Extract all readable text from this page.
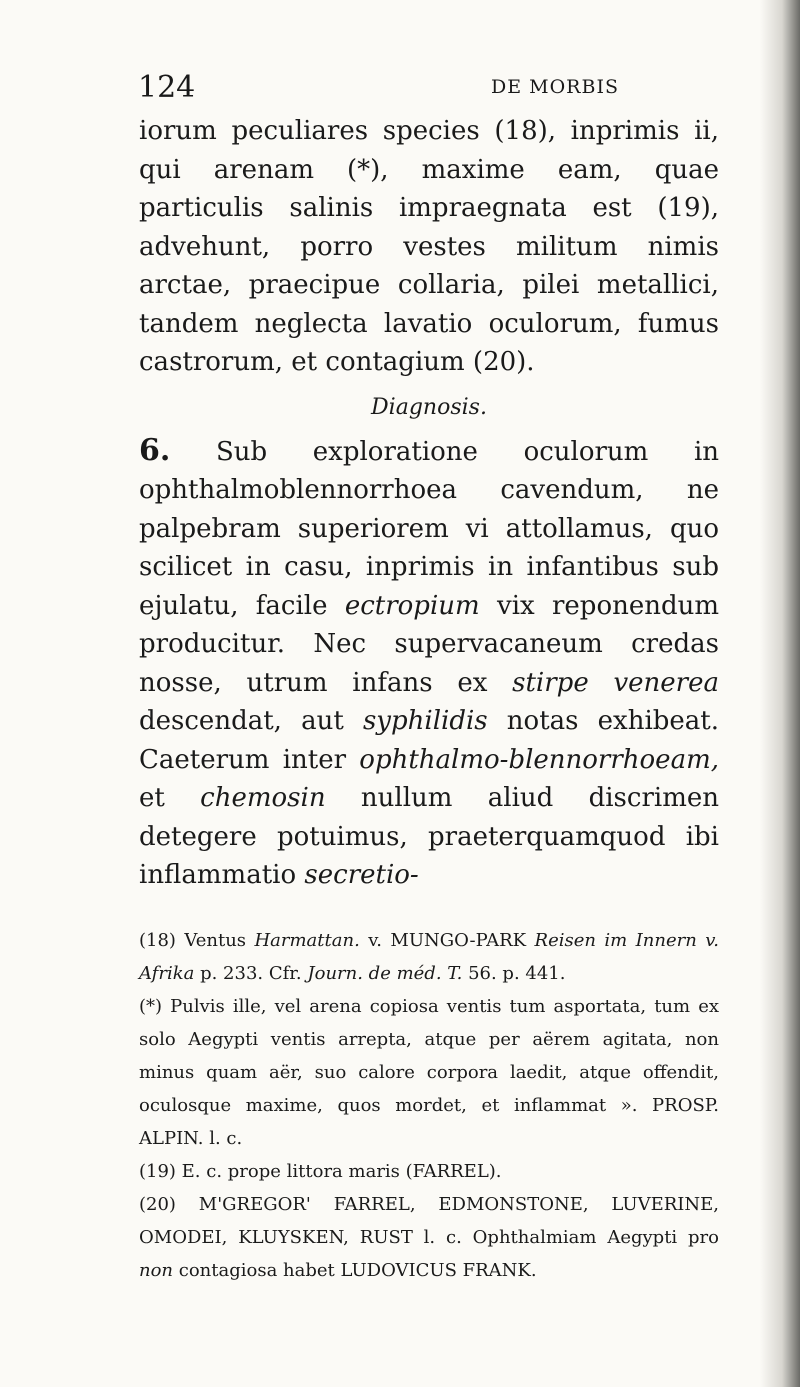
124	DE MORBIS

iorum peculiares species (18), inprimis ii, qui arenam (*), maxime eam, quae particulis salinis impraegnata est (19), advehunt, porro vestes militum nimis arctae, praecipue collaria, pilei metallici, tandem neglecta lavatio oculorum, fumus castrorum, et contagium (20).

Diagnosis.

6. Sub exploratione oculorum in ophthalmoblennorrhoea cavendum, ne palpebram superiorem vi attollamus, quo scilicet in casu, inprimis in infantibus sub ejulatu, facile ectropium vix reponendum producitur. Nec supervacaneum credas nosse, utrum infans ex stirpe venerea descendat, aut syphilidis notas exhibeat. Caeterum inter ophthalmo-blennorrhoeam, et chemosin nullum aliud discrimen detegere potuimus, praeterquamquod ibi inflammatio secretio-

(18) Ventus Harmattan. v. MUNGO-PARK Reisen im Innern v. Afrika p. 233. Cfr. Journ. de méd. T. 56. p. 441.

(*) Pulvis ille, vel arena copiosa ventis tum asportata, tum ex solo Aegypti ventis arrepta, atque per aërem agitata, non minus quam aër, suo calore corpora laedit, atque offendit, oculosque maxime, quos mordet, et inflammat ». PROSP. ALPIN. l. c.

(19) E. c. prope littora maris (FARREL).

(20) M'GREGOR' FARREL, EDMONSTONE, LUVERINE, OMODEI, KLUYSKEN, RUST l. c. Ophthalmiam Aegypti pro non contagiosa habet LUDOVICUS FRANK.
